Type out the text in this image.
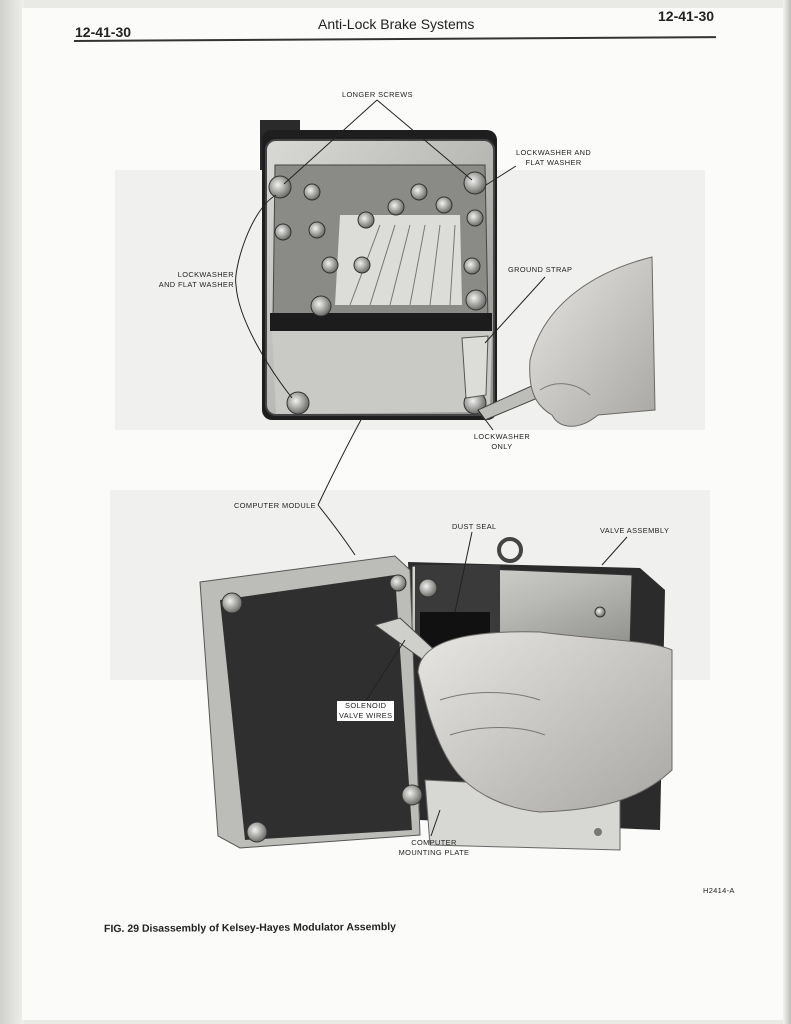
12-41-30	Anti-Lock Brake Systems	12-41-30
LONGER SCREWS
LOCKWASHER AND
FLAT WASHER
LOCKWASHER
AND FLAT WASHER
GROUND STRAP
LOCKWASHER
ONLY
COMPUTER MODULE
DUST SEAL	VALVE ASSEMBLY
SOLENOID
VALVE WIRES
COMPUTER
MOUNTING PLATE
H2414-A
FIG. 29 Disassembly of Kelsey-Hayes Modulator Assembly
